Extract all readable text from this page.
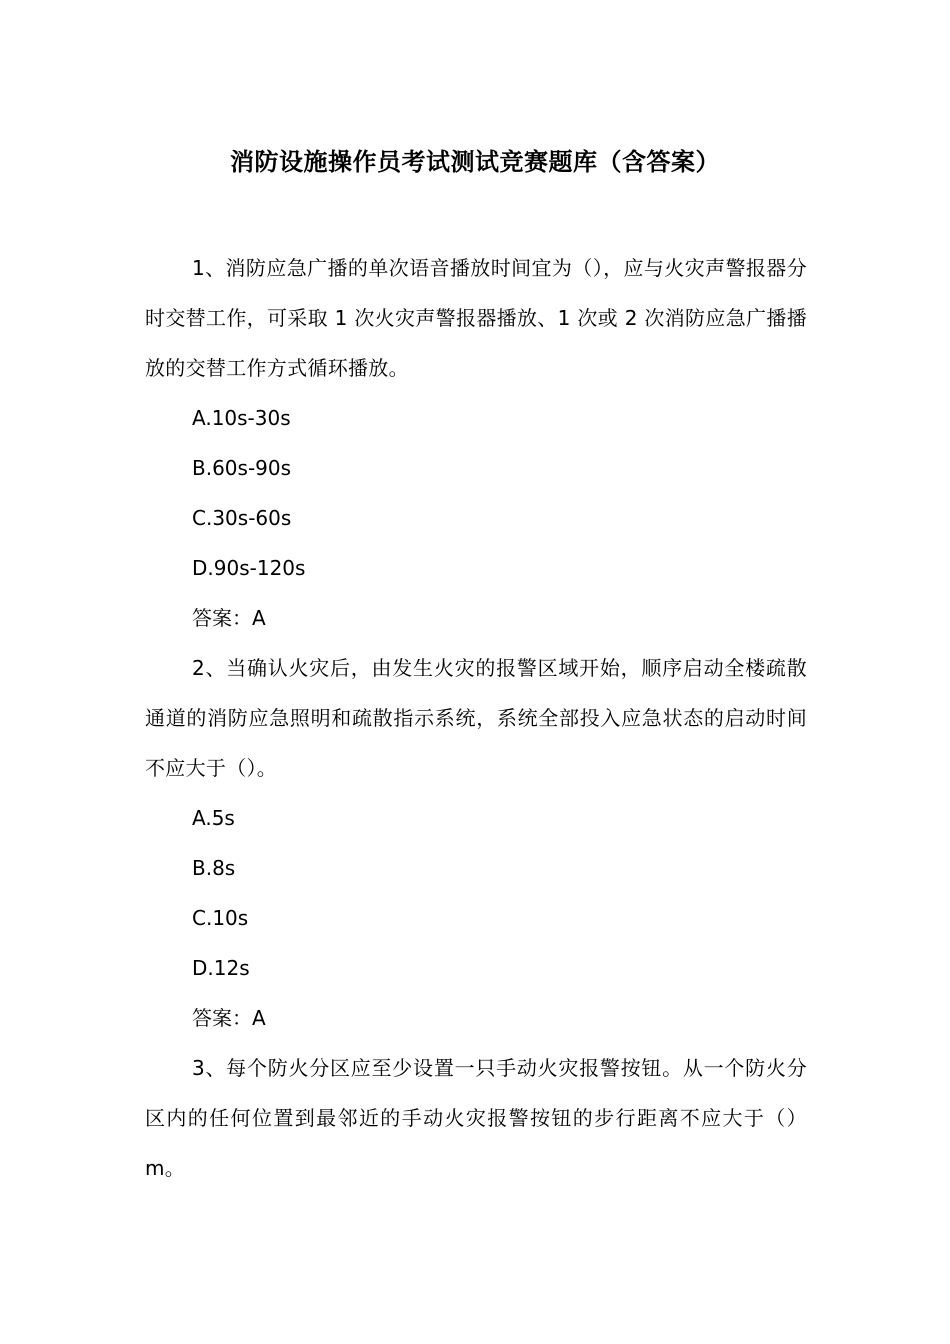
消防设施操作员考试测试竞赛题库（含答案）

1、消防应急广播的单次语音播放时间宜为（），应与火灾声警报器分时交替工作，可采取 1 次火灾声警报器播放、1 次或 2 次消防应急广播播放的交替工作方式循环播放。

A.10s-30s

B.60s-90s

C.30s-60s

D.90s-120s

答案：A

2、当确认火灾后，由发生火灾的报警区域开始，顺序启动全楼疏散通道的消防应急照明和疏散指示系统，系统全部投入应急状态的启动时间不应大于（）。

A.5s

B.8s

C.10s

D.12s

答案：A

3、每个防火分区应至少设置一只手动火灾报警按钮。从一个防火分区内的任何位置到最邻近的手动火灾报警按钮的步行距离不应大于（）m。
